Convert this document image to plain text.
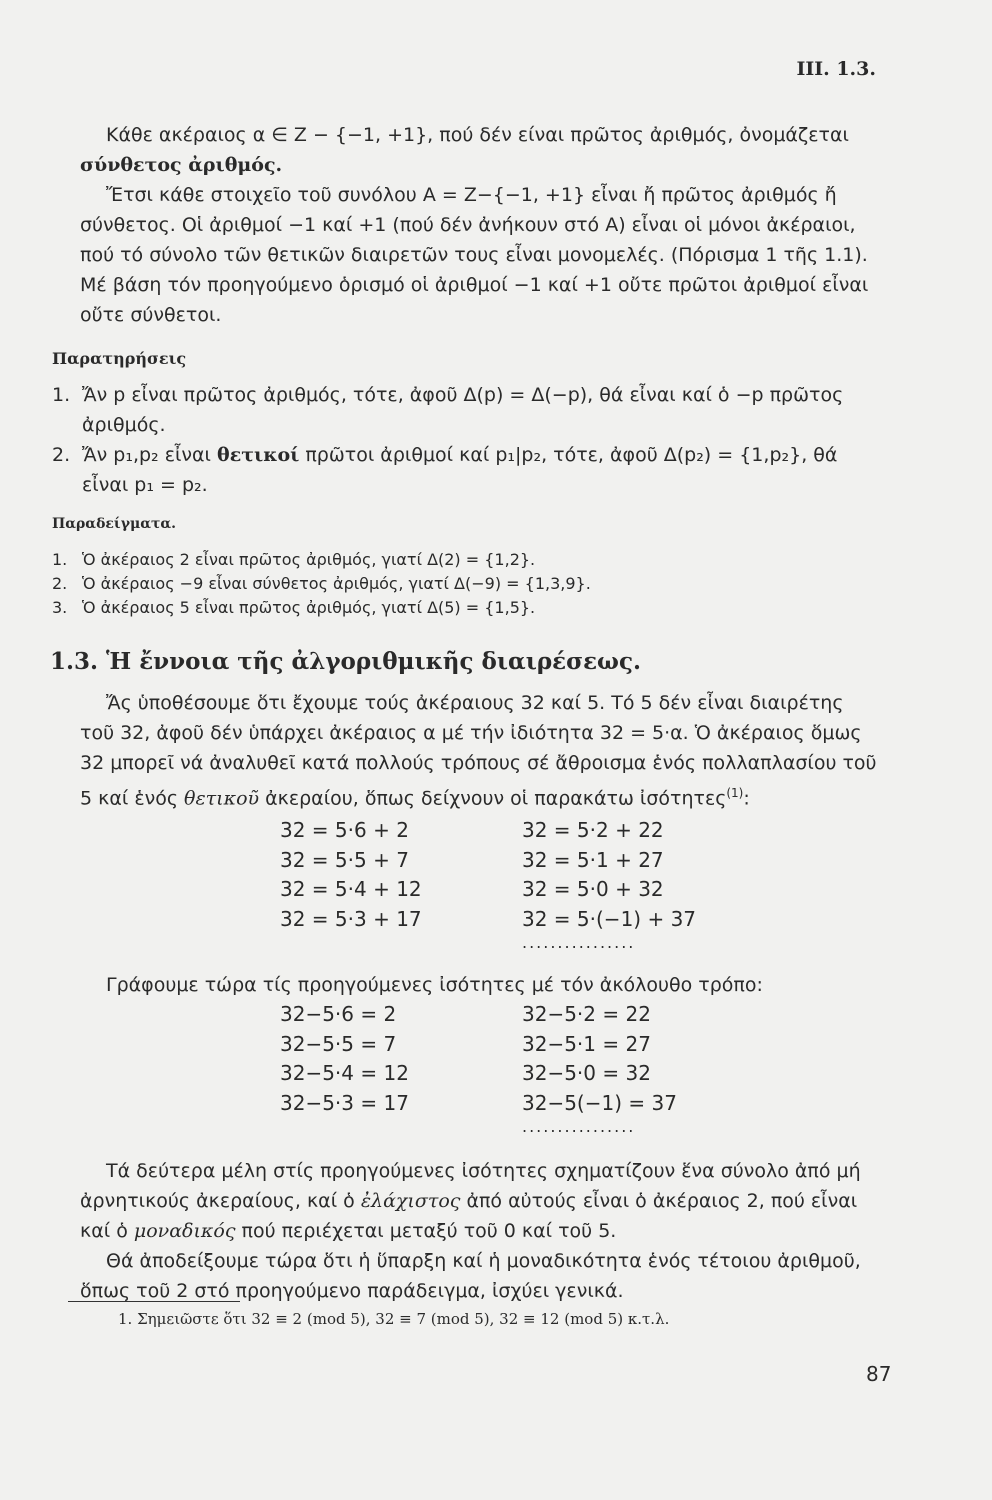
III. 1.3.
Κάθε ακέραιος α ∈ Z − {−1, +1}, πού δέν είναι πρῶτος ἀριθμός, ὀνομάζεται σύνθετος ἀριθμός.
Ἔτσι κάθε στοιχεῖο τοῦ συνόλου A = Z−{−1, +1} εἶναι ἤ πρῶτος ἀριθμός ἤ σύνθετος. Οἱ ἀριθμοί −1 καί +1 (πού δέν ἀνήκουν στό A) εἶναι οἱ μόνοι ἀκέραιοι, πού τό σύνολο τῶν θετικῶν διαιρετῶν τους εἶναι μονομελές. (Πόρισμα 1 τῆς 1.1). Μέ βάση τόν προηγούμενο ὁρισμό οἱ ἀριθμοί −1 καί +1 οὔτε πρῶτοι ἀριθμοί εἶναι οὔτε σύνθετοι.
Παρατηρήσεις
1. Ἄν p εἶναι πρῶτος ἀριθμός, τότε, ἀφοῦ Δ(p) = Δ(−p), θά εἶναι καί ὁ −p πρῶτος ἀριθμός.
2. Ἄν p₁,p₂ εἶναι θετικοί πρῶτοι ἀριθμοί καί p₁|p₂, τότε, ἀφοῦ Δ(p₂) = {1,p₂}, θά εἶναι p₁ = p₂.
Παραδείγματα.
1. Ὁ ἀκέραιος 2 εἶναι πρῶτος ἀριθμός, γιατί Δ(2) = {1,2}.
2. Ὁ ἀκέραιος −9 εἶναι σύνθετος ἀριθμός, γιατί Δ(−9) = {1,3,9}.
3. Ὁ ἀκέραιος 5 εἶναι πρῶτος ἀριθμός, γιατί Δ(5) = {1,5}.
1.3. Ἡ ἔννοια τῆς ἀλγοριθμικῆς διαιρέσεως.
Ἄς ὑποθέσουμε ὅτι ἔχουμε τούς ἀκέραιους 32 καί 5. Τό 5 δέν εἶναι διαιρέτης τοῦ 32, ἀφοῦ δέν ὑπάρχει ἀκέραιος α μέ τήν ἰδιότητα 32 = 5·α. Ὁ ἀκέραιος ὅμως 32 μπορεῖ νά ἀναλυθεῖ κατά πολλούς τρόπους σέ ἄθροισμα ἑνός πολλαπλασίου τοῦ 5 καί ἑνός θετικοῦ ἀκεραίου, ὅπως δείχνουν οἱ παρακάτω ἰσότητες$^{(1)}$:
32 = 5·6 + 2
32 = 5·5 + 7
32 = 5·4 + 12
32 = 5·3 + 17
32 = 5·2 + 22
32 = 5·1 + 27
32 = 5·0 + 32
32 = 5·(−1) + 37
................
Γράφουμε τώρα τίς προηγούμενες ἰσότητες μέ τόν ἀκόλουθο τρόπο:
32−5·6 = 2
32−5·5 = 7
32−5·4 = 12
32−5·3 = 17
32−5·2 = 22
32−5·1 = 27
32−5·0 = 32
32−5(−1) = 37
................
Τά δεύτερα μέλη στίς προηγούμενες ἰσότητες σχηματίζουν ἕνα σύνολο ἀπό μή ἀρνητικούς ἀκεραίους, καί ὁ ἐλάχιστος ἀπό αὐτούς εἶναι ὁ ἀκέραιος 2, πού εἶναι καί ὁ μοναδικός πού περιέχεται μεταξύ τοῦ 0 καί τοῦ 5.
Θά ἀποδείξουμε τώρα ὅτι ἡ ὕπαρξη καί ἡ μοναδικότητα ἑνός τέτοιου ἀριθμοῦ, ὅπως τοῦ 2 στό προηγούμενο παράδειγμα, ἰσχύει γενικά.
1. Σημειῶστε ὅτι 32 ≡ 2 (mod 5), 32 ≡ 7 (mod 5), 32 ≡ 12 (mod 5) κ.τ.λ.
87
